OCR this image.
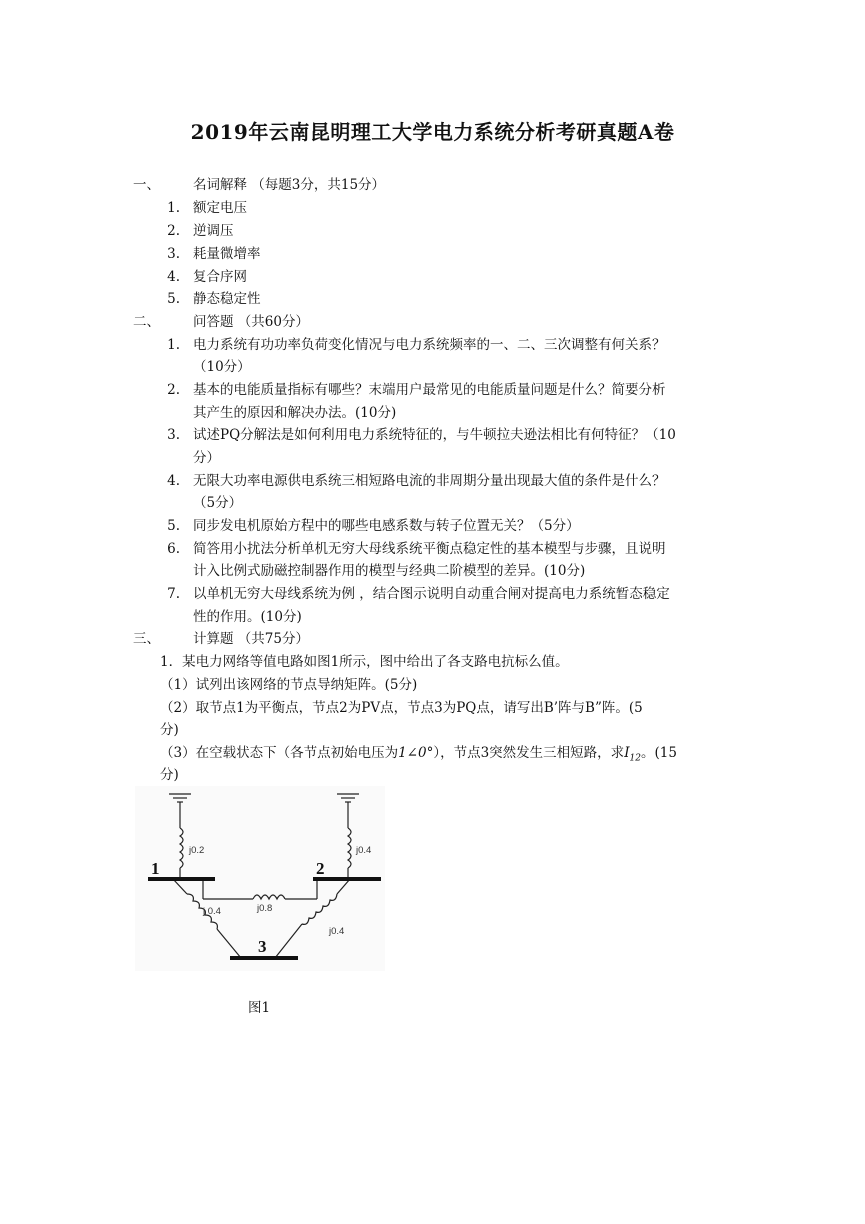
2019年云南昆明理工大学电力系统分析考研真题A卷
一、 名词解释 （每题3分，共15分）
1. 额定电压
2. 逆调压
3. 耗量微增率
4. 复合序网
5. 静态稳定性
二、 问答题 （共60分）
1. 电力系统有功功率负荷变化情况与电力系统频率的一、二、三次调整有何关系？
（10分）
2. 基本的电能质量指标有哪些？末端用户最常见的电能质量问题是什么？简要分析
其产生的原因和解决办法。(10分)
3. 试述PQ分解法是如何利用电力系统特征的，与牛顿拉夫逊法相比有何特征？（10
分）
4. 无限大功率电源供电系统三相短路电流的非周期分量出现最大值的条件是什么？
（5分）
5. 同步发电机原始方程中的哪些电感系数与转子位置无关？（5分）
6. 简答用小扰法分析单机无穷大母线系统平衡点稳定性的基本模型与步骤，且说明
计入比例式励磁控制器作用的模型与经典二阶模型的差异。(10分)
7. 以单机无穷大母线系统为例 ，结合图示说明自动重合闸对提高电力系统暂态稳定
性的作用。(10分)
三、 计算题 （共75分）
1．某电力网络等值电路如图1所示，图中给出了各支路电抗标么值。
（1）试列出该网络的节点导纳矩阵。(5分)
（2）取节点1为平衡点，节点2为PV点，节点3为PQ点，请写出B’阵与B”阵。(5
分)
（3）在空载状态下（各节点初始电压为1∠0°），节点3突然发生三相短路，求$I_{12}$。(15
分)
1	2
3
j0.2	j0.4
j 0.4	j0.8
j0.4
图1
